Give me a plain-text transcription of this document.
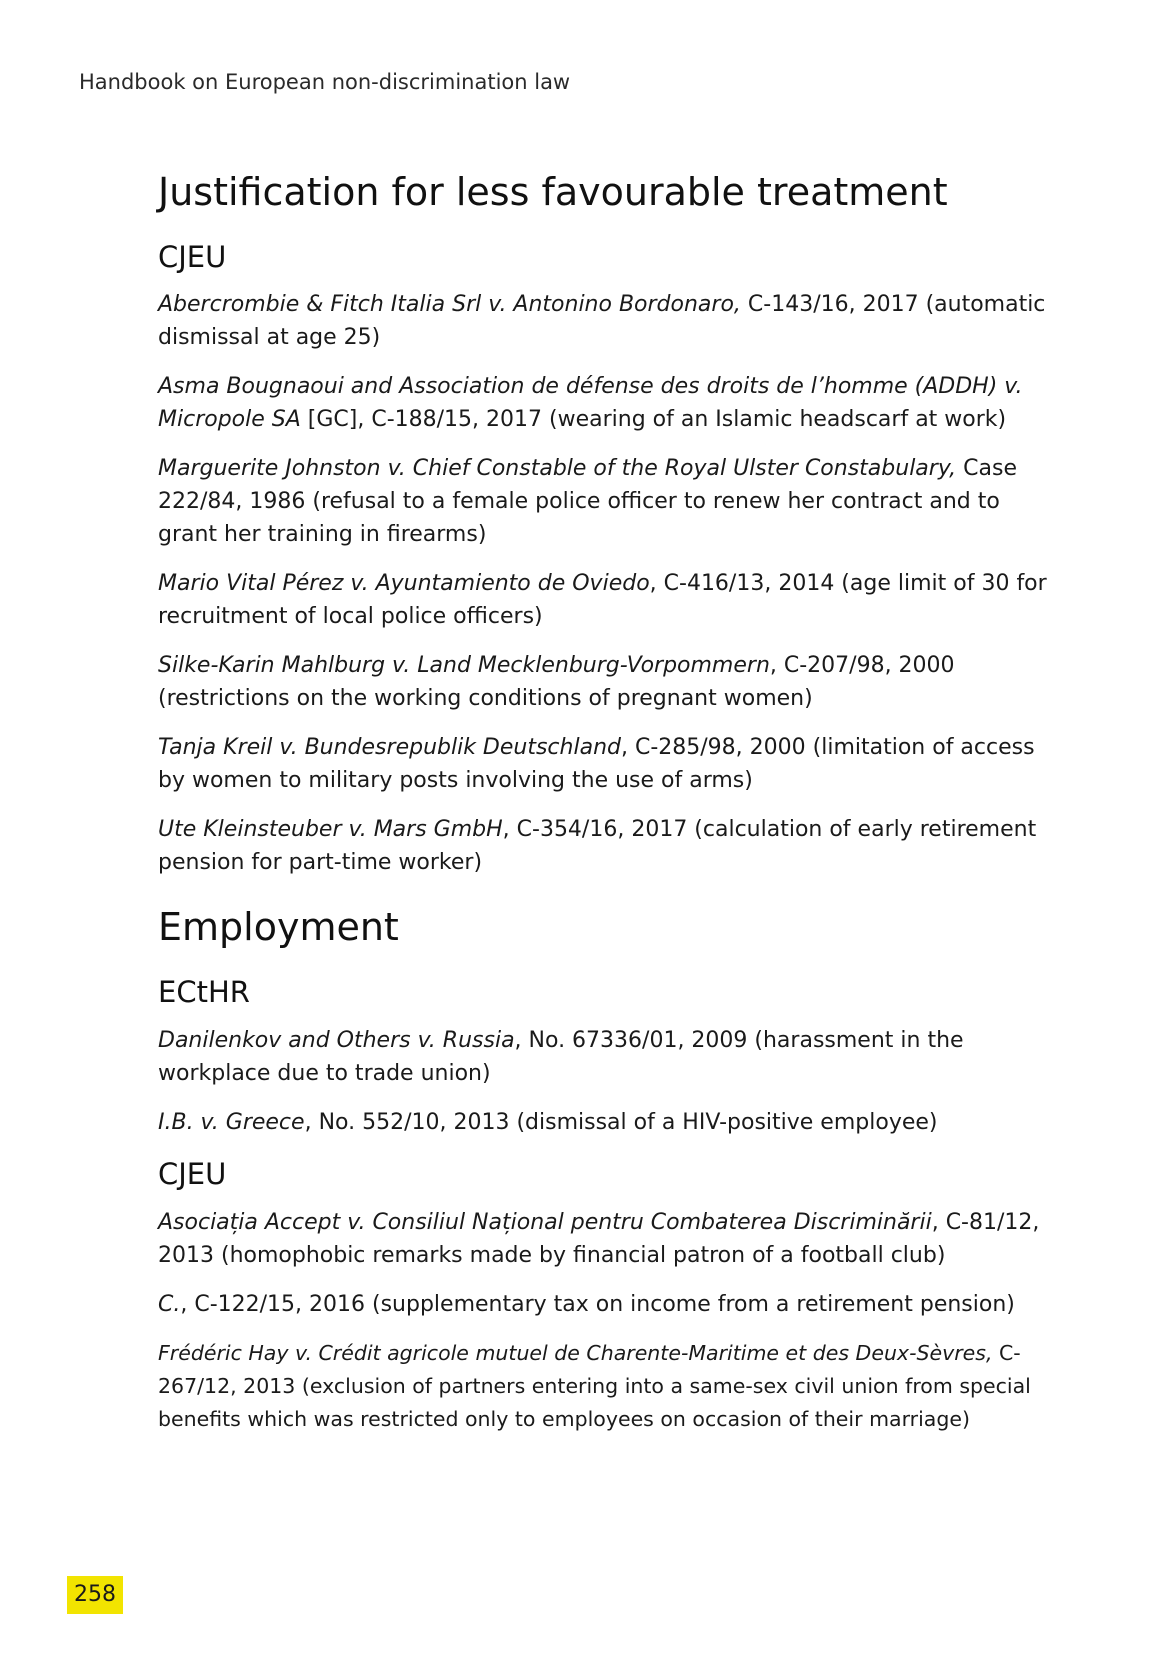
Handbook on European non-discrimination law
Justification for less favourable treatment
CJEU

Abercrombie & Fitch Italia Srl v. Antonino Bordonaro, C-143/16, 2017 (automatic dismissal at age 25)

Asma Bougnaoui and Association de défense des droits de l’homme (ADDH) v. Micropole SA [GC], C-188/15, 2017 (wearing of an Islamic headscarf at work)

Marguerite Johnston v. Chief Constable of the Royal Ulster Constabulary, Case 222/84, 1986 (refusal to a female police officer to renew her contract and to grant her training in firearms)

Mario Vital Pérez v. Ayuntamiento de Oviedo, C-416/13, 2014 (age limit of 30 for recruitment of local police officers)

Silke-Karin Mahlburg v. Land Mecklenburg-Vorpommern, C-207/98, 2000 (restrictions on the working conditions of pregnant women)

Tanja Kreil v. Bundesrepublik Deutschland, C-285/98, 2000 (limitation of access by women to military posts involving the use of arms)

Ute Kleinsteuber v. Mars GmbH, C-354/16, 2017 (calculation of early retirement pension for part-time worker)

Employment
ECtHR

Danilenkov and Others v. Russia, No. 67336/01, 2009 (harassment in the workplace due to trade union)

I.B. v. Greece, No. 552/10, 2013 (dismissal of a HIV-positive employee)

CJEU

Asociația Accept v. Consiliul Național pentru Combaterea Discriminării, C-81/12, 2013 (homophobic remarks made by financial patron of a football club)

C., C-122/15, 2016 (supplementary tax on income from a retirement pension)

Frédéric Hay v. Crédit agricole mutuel de Charente-Maritime et des Deux-Sèvres, C-267/12, 2013 (exclusion of partners entering into a same-sex civil union from special benefits which was restricted only to employees on occasion of their marriage)

258
